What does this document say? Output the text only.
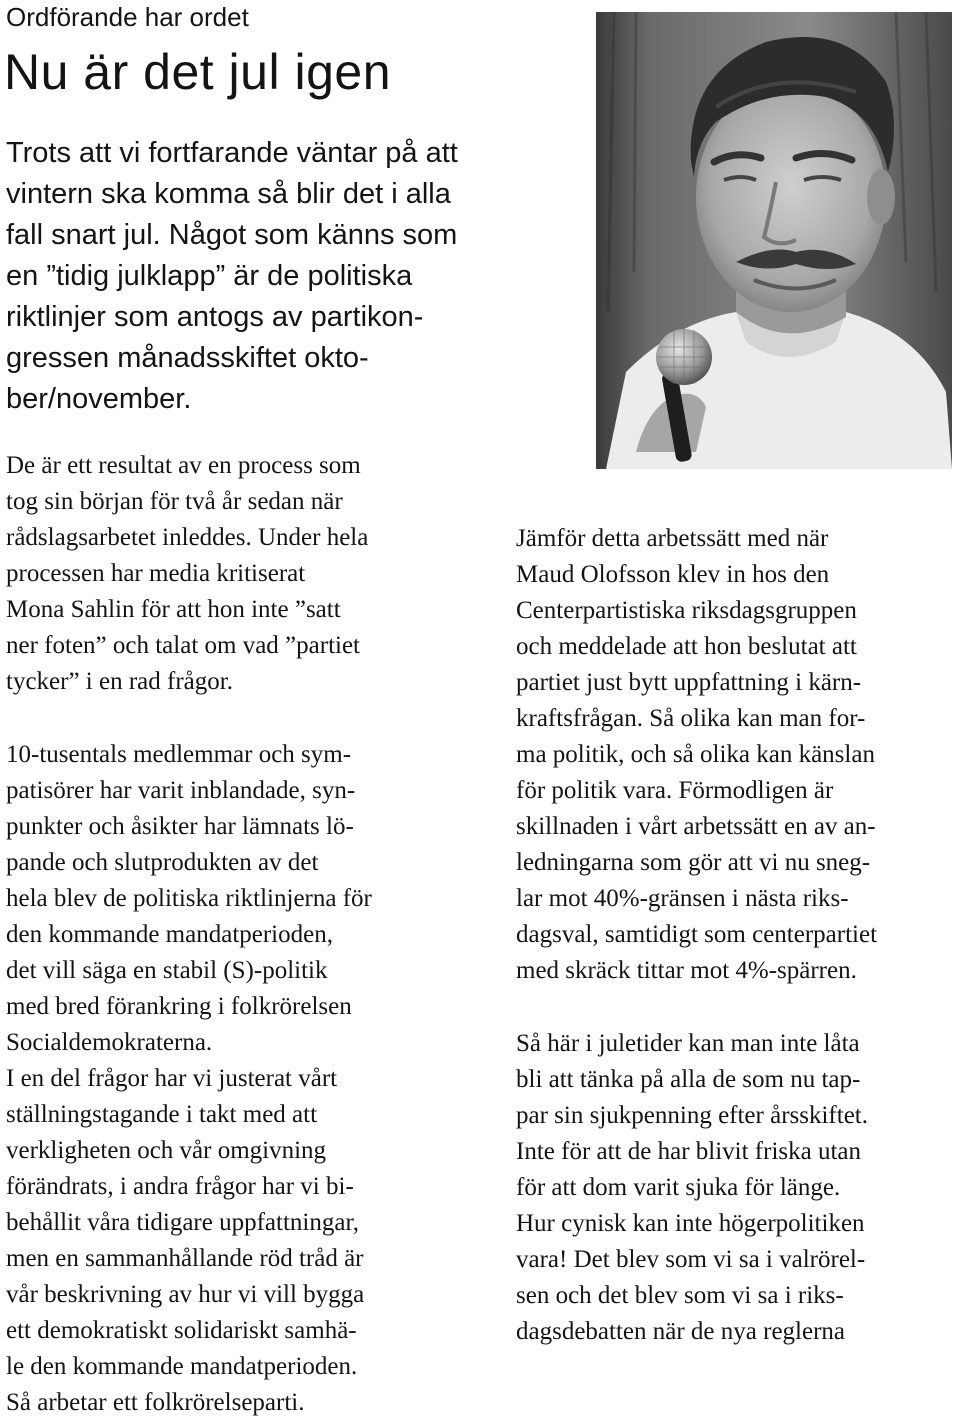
Ordförande har ordet
Nu är det jul igen

Trots att vi fortfarande väntar på att
vintern ska komma så blir det i alla
fall snart jul. Något som känns som
en ”tidig julklapp” är de politiska
riktlinjer som antogs av partikon-
gressen månadsskiftet okto-
ber/november.

De är ett resultat av en process som
tog sin början för två år sedan när
rådslagsarbetet inleddes. Under hela
processen har media kritiserat
Mona Sahlin för att hon inte ”satt
ner foten” och talat om vad ”partiet
tycker” i en rad frågor.

10-tusentals medlemmar och sym-
patisörer har varit inblandade, syn-
punkter och åsikter har lämnats lö-
pande och slutprodukten av det
hela blev de politiska riktlinjerna för
den kommande mandatperioden,
det vill säga en stabil (S)-politik
med bred förankring i folkrörelsen
Socialdemokraterna.

I en del frågor har vi justerat vårt
ställningstagande i takt med att
verkligheten och vår omgivning
förändrats, i andra frågor har vi bi-
behållit våra tidigare uppfattningar,
men en sammanhållande röd tråd är
vår beskrivning av hur vi vill bygga
ett demokratiskt solidariskt samhä-
le den kommande mandatperioden.
Så arbetar ett folkrörelseparti.

Jämför detta arbetssätt med när
Maud Olofsson klev in hos den
Centerpartistiska riksdagsgruppen
och meddelade att hon beslutat att
partiet just bytt uppfattning i kärn-
kraftsfrågan. Så olika kan man for-
ma politik, och så olika kan känslan
för politik vara. Förmodligen är
skillnaden i vårt arbetssätt en av an-
ledningarna som gör att vi nu sneg-
lar mot 40%-gränsen i nästa riks-
dagsval, samtidigt som centerpartiet
med skräck tittar mot 4%-spärren.

Så här i juletider kan man inte låta
bli att tänka på alla de som nu tap-
par sin sjukpenning efter årsskiftet.
Inte för att de har blivit friska utan
för att dom varit sjuka för länge.
Hur cynisk kan inte högerpolitiken
vara! Det blev som vi sa i valrörel-
sen och det blev som vi sa i riks-
dagsdebatten när de nya reglerna
